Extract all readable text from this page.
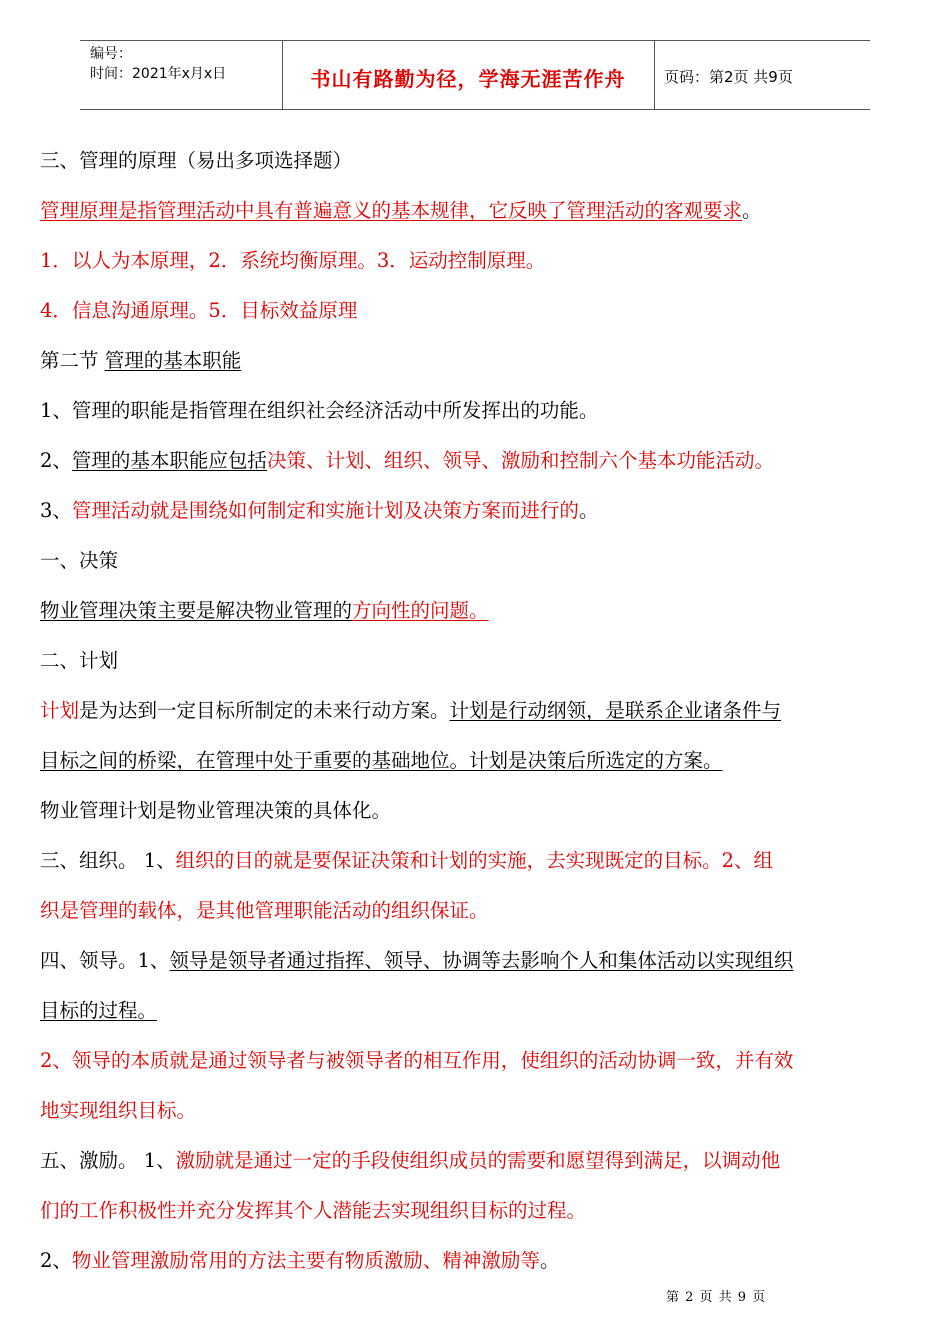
编号：
时间：2021年x月x日	书山有路勤为径，学海无涯苦作舟	页码：第2页 共9页
三、管理的原理（易出多项选择题）
管理原理是指管理活动中具有普遍意义的基本规律，它反映了管理活动的客观要求。
1．以人为本原理，2．系统均衡原理。3．运动控制原理。
4．信息沟通原理。5．目标效益原理
第二节 管理的基本职能
1、管理的职能是指管理在组织社会经济活动中所发挥出的功能。
2、管理的基本职能应包括决策、计划、组织、领导、激励和控制六个基本功能活动。
3、管理活动就是围绕如何制定和实施计划及决策方案而进行的。
一、决策
物业管理决策主要是解决物业管理的方向性的问题。
二、计划
计划是为达到一定目标所制定的未来行动方案。计划是行动纲领，是联系企业诸条件与
目标之间的桥梁，在管理中处于重要的基础地位。计划是决策后所选定的方案。
物业管理计划是物业管理决策的具体化。
三、组织。 1、组织的目的就是要保证决策和计划的实施，去实现既定的目标。2、组
织是管理的载体，是其他管理职能活动的组织保证。
四、领导。1、领导是领导者通过指挥、领导、协调等去影响个人和集体活动以实现组织
目标的过程。
2、领导的本质就是通过领导者与被领导者的相互作用，使组织的活动协调一致，并有效
地实现组织目标。
五、激励。 1、激励就是通过一定的手段使组织成员的需要和愿望得到满足，以调动他
们的工作积极性并充分发挥其个人潜能去实现组织目标的过程。
2、物业管理激励常用的方法主要有物质激励、精神激励等。
第 2 页 共 9 页
